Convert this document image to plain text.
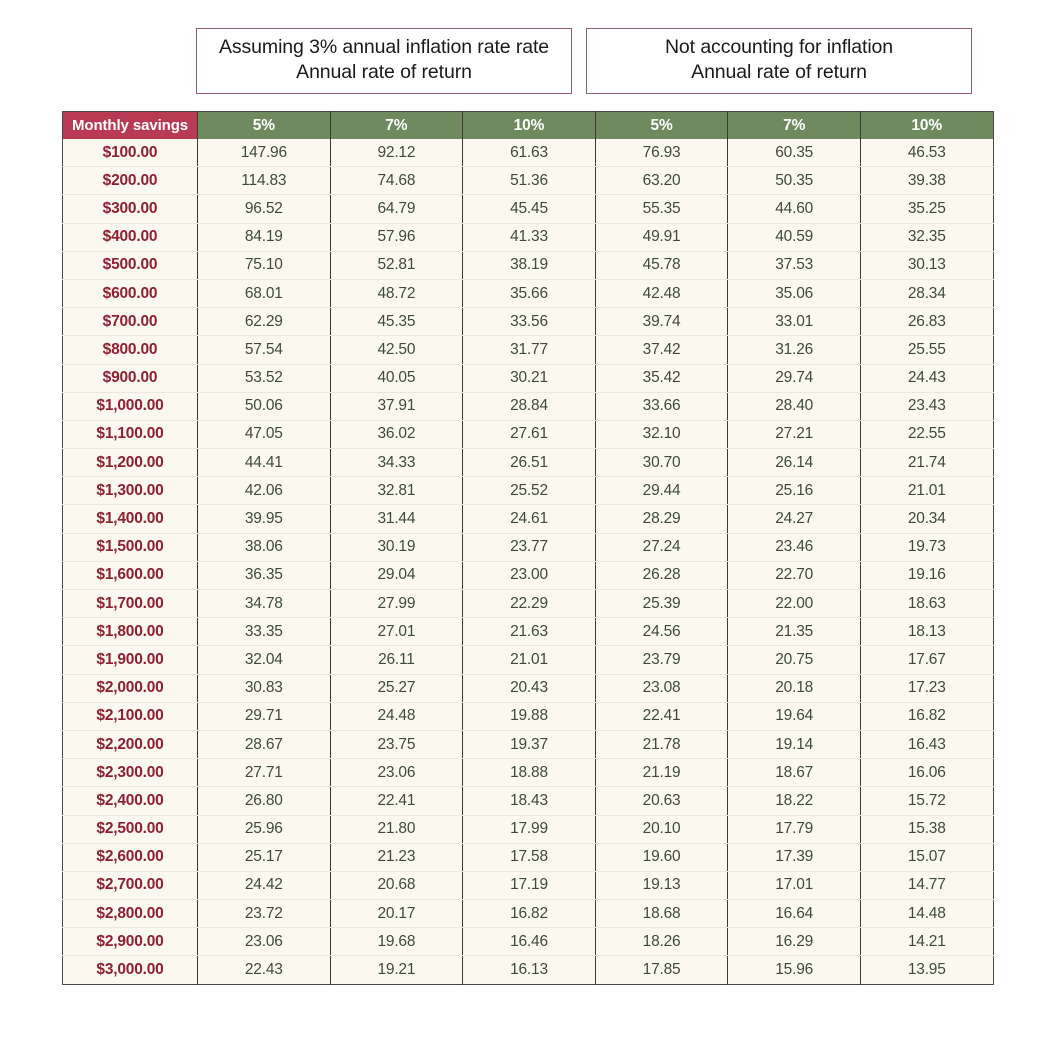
Assuming 3% annual inflation rate rate
Annual rate of return
Not accounting for inflation
Annual rate of return
Monthly savings	5%	7%	10%	5%	7%	10%
$100.00	147.96	92.12	61.63	76.93	60.35	46.53
$200.00	114.83	74.68	51.36	63.20	50.35	39.38
$300.00	96.52	64.79	45.45	55.35	44.60	35.25
$400.00	84.19	57.96	41.33	49.91	40.59	32.35
$500.00	75.10	52.81	38.19	45.78	37.53	30.13
$600.00	68.01	48.72	35.66	42.48	35.06	28.34
$700.00	62.29	45.35	33.56	39.74	33.01	26.83
$800.00	57.54	42.50	31.77	37.42	31.26	25.55
$900.00	53.52	40.05	30.21	35.42	29.74	24.43
$1,000.00	50.06	37.91	28.84	33.66	28.40	23.43
$1,100.00	47.05	36.02	27.61	32.10	27.21	22.55
$1,200.00	44.41	34.33	26.51	30.70	26.14	21.74
$1,300.00	42.06	32.81	25.52	29.44	25.16	21.01
$1,400.00	39.95	31.44	24.61	28.29	24.27	20.34
$1,500.00	38.06	30.19	23.77	27.24	23.46	19.73
$1,600.00	36.35	29.04	23.00	26.28	22.70	19.16
$1,700.00	34.78	27.99	22.29	25.39	22.00	18.63
$1,800.00	33.35	27.01	21.63	24.56	21.35	18.13
$1,900.00	32.04	26.11	21.01	23.79	20.75	17.67
$2,000.00	30.83	25.27	20.43	23.08	20.18	17.23
$2,100.00	29.71	24.48	19.88	22.41	19.64	16.82
$2,200.00	28.67	23.75	19.37	21.78	19.14	16.43
$2,300.00	27.71	23.06	18.88	21.19	18.67	16.06
$2,400.00	26.80	22.41	18.43	20.63	18.22	15.72
$2,500.00	25.96	21.80	17.99	20.10	17.79	15.38
$2,600.00	25.17	21.23	17.58	19.60	17.39	15.07
$2,700.00	24.42	20.68	17.19	19.13	17.01	14.77
$2,800.00	23.72	20.17	16.82	18.68	16.64	14.48
$2,900.00	23.06	19.68	16.46	18.26	16.29	14.21
$3,000.00	22.43	19.21	16.13	17.85	15.96	13.95
